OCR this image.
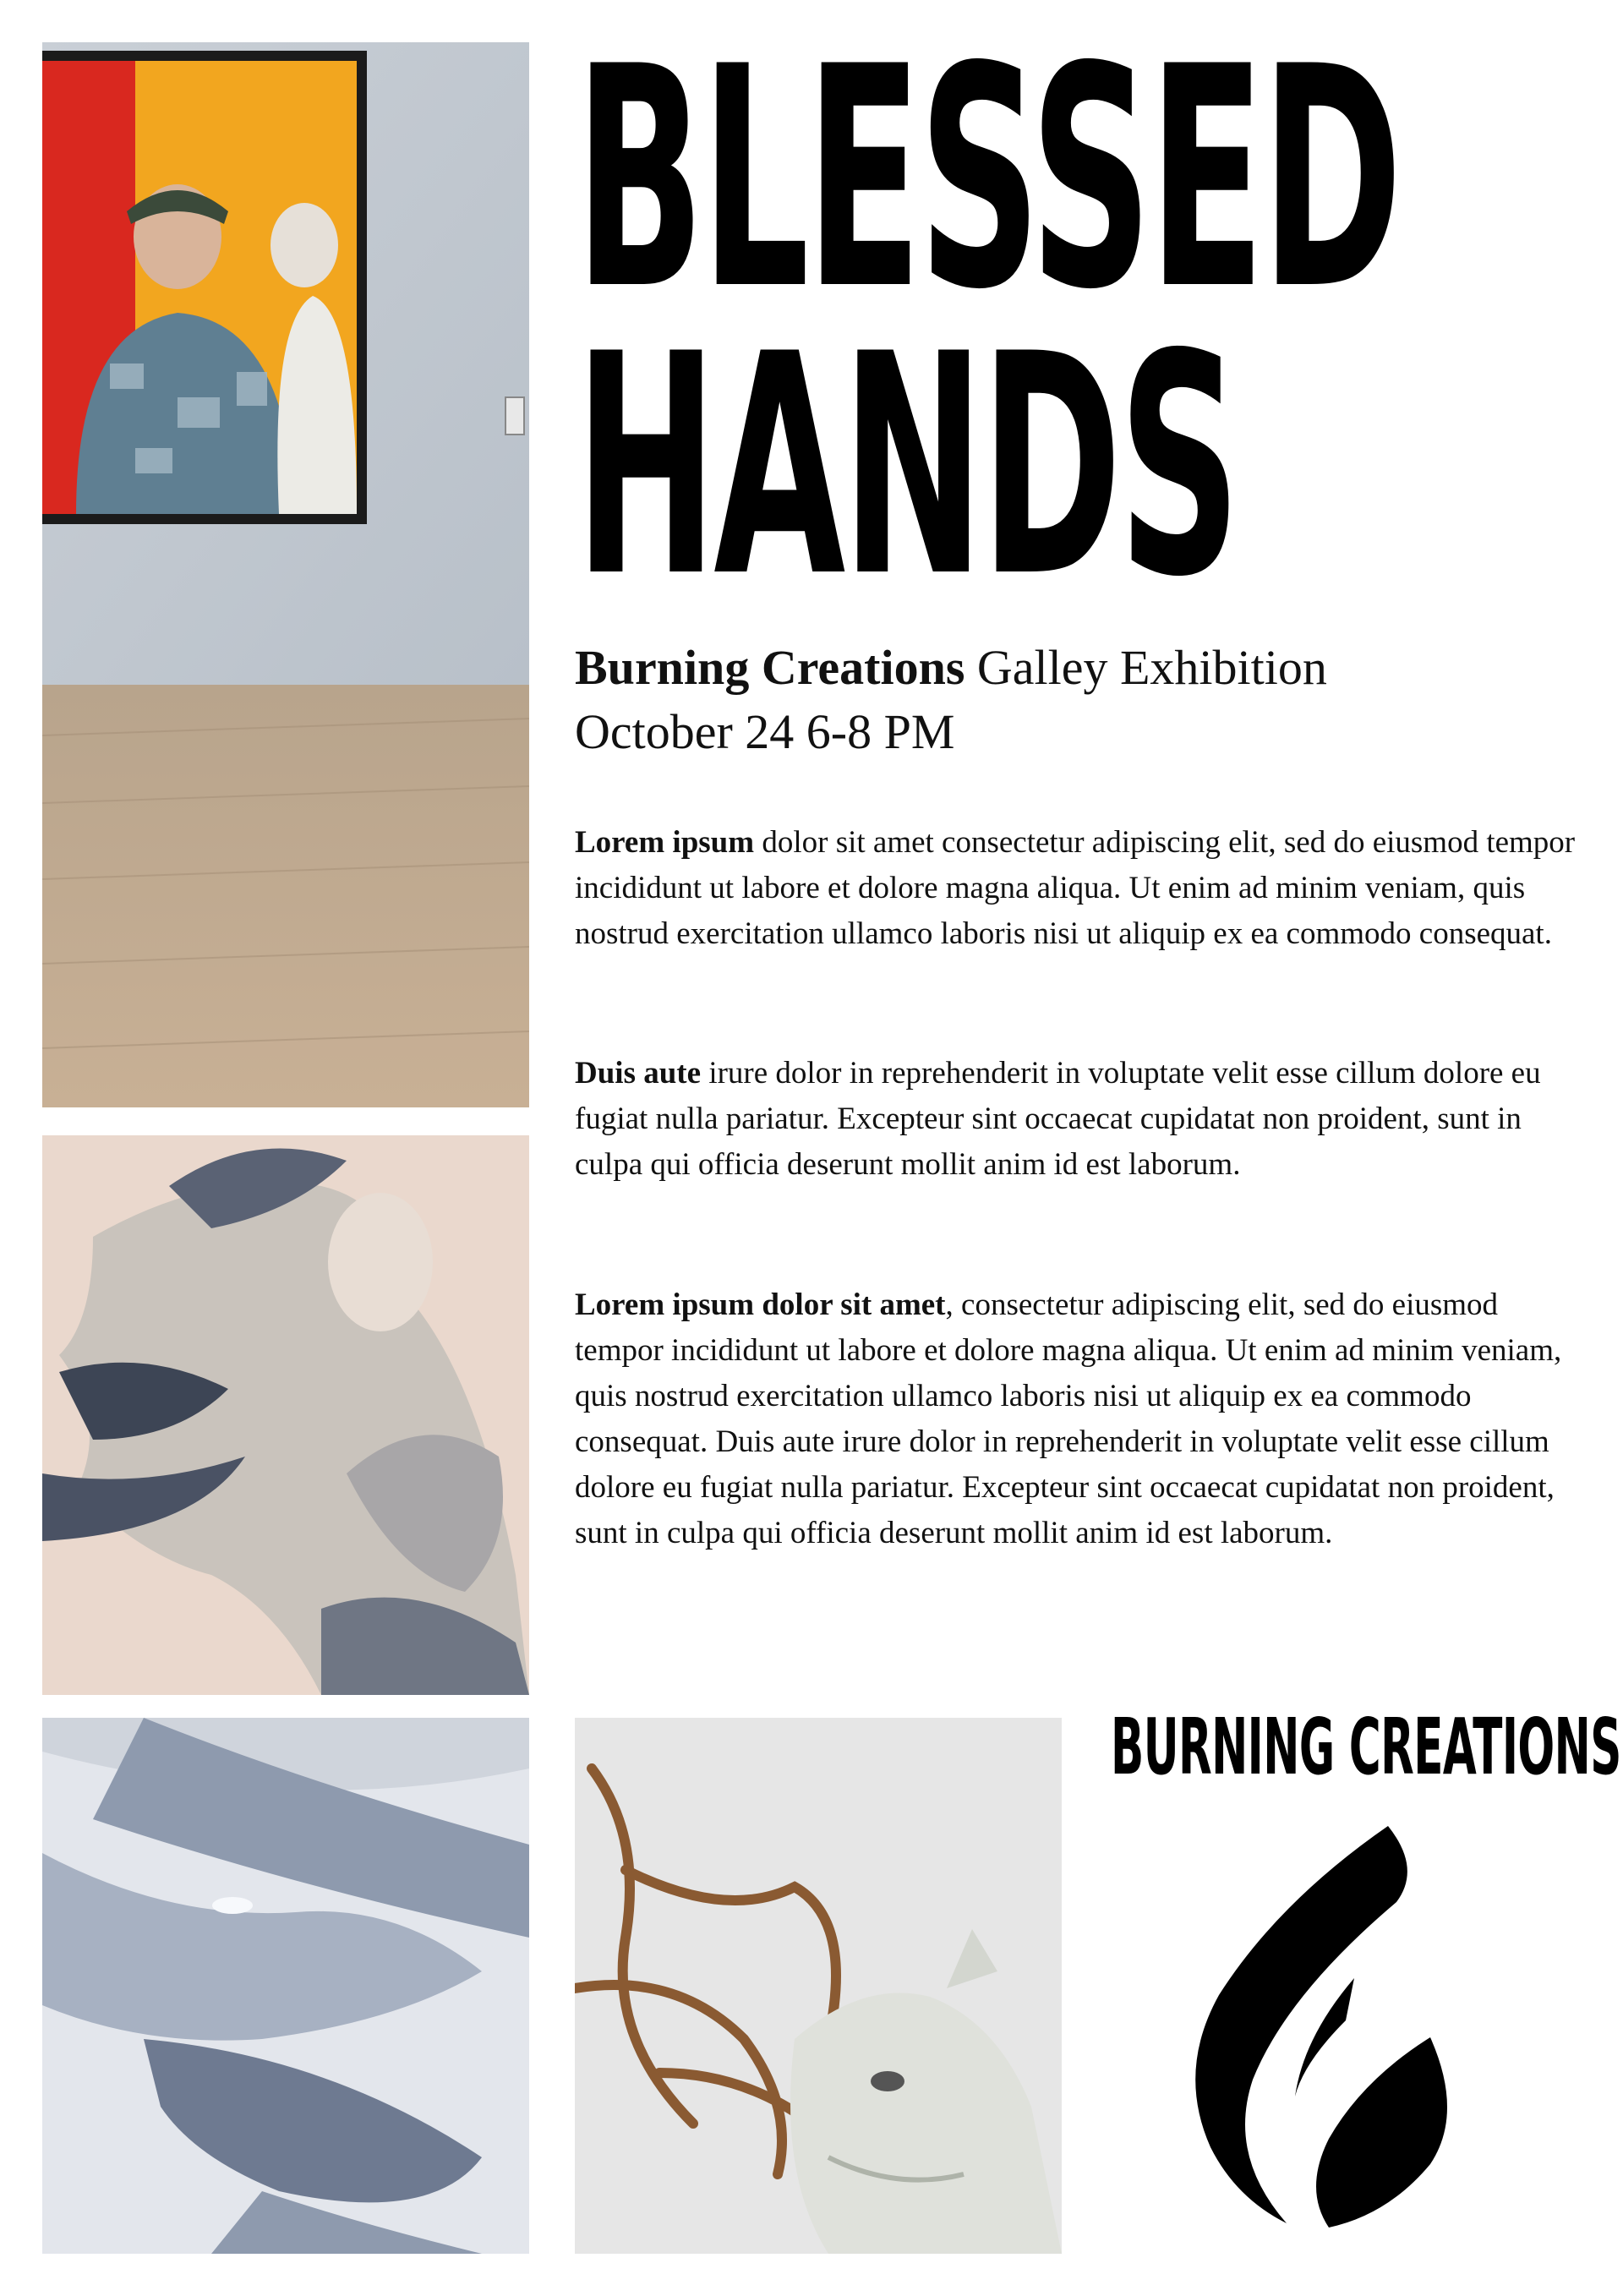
BLESSED
HANDS

Burning Creations Galley Exhibition
October 24 6-8 PM

Lorem ipsum dolor sit amet consectetur adipiscing elit, sed do eiusmod tempor incididunt ut labore et dolore magna aliqua. Ut enim ad minim veniam, quis nostrud exercitation ullamco laboris nisi ut aliquip ex ea commodo consequat.

Duis aute irure dolor in reprehenderit in voluptate velit esse cillum dolore eu fugiat nulla pariatur. Excepteur sint occaecat cupidatat non proident, sunt in culpa qui officia deserunt mollit anim id est laborum.

Lorem ipsum dolor sit amet, consectetur adipiscing elit, sed do eiusmod tempor incididunt ut labore et dolore magna aliqua. Ut enim ad minim veniam, quis nostrud exercitation ullamco laboris nisi ut aliquip ex ea commodo consequat. Duis aute irure dolor in reprehenderit in voluptate velit esse cillum dolore eu fugiat nulla pariatur. Excepteur sint occaecat cupidatat non proident, sunt in culpa qui officia deserunt mollit anim id est laborum.

BURNING CREATIONS
